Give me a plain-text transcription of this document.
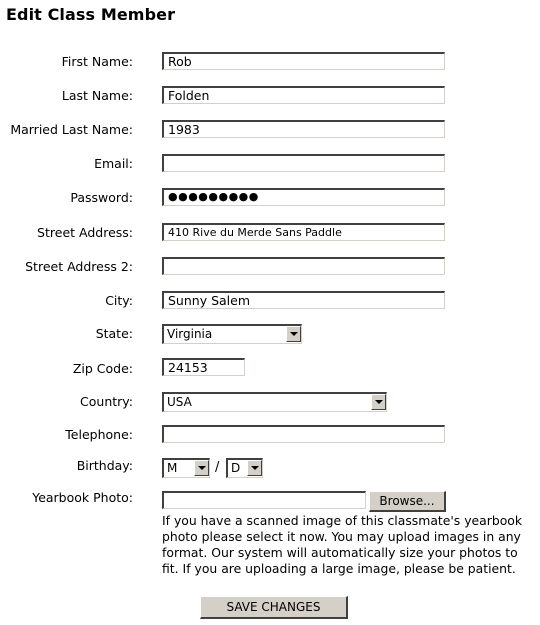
Edit Class Member
First Name:	Rob
Last Name:	Folden
Married Last Name:	1983
Email:
Password:	●●●●●●●●●
Street Address:	410 Rive du Merde Sans Paddle
Street Address 2:
City:	Sunny Salem
State:	Virginia
Zip Code:	24153
Country:	USA
Telephone:
Birthday:	M	/ D
Yearbook Photo:	Browse...
If you have a scanned image of this classmate's yearbook photo please select it now. You may upload images in any format. Our system will automatically size your photos to fit. If you are uploading a large image, please be patient.
SAVE CHANGES
